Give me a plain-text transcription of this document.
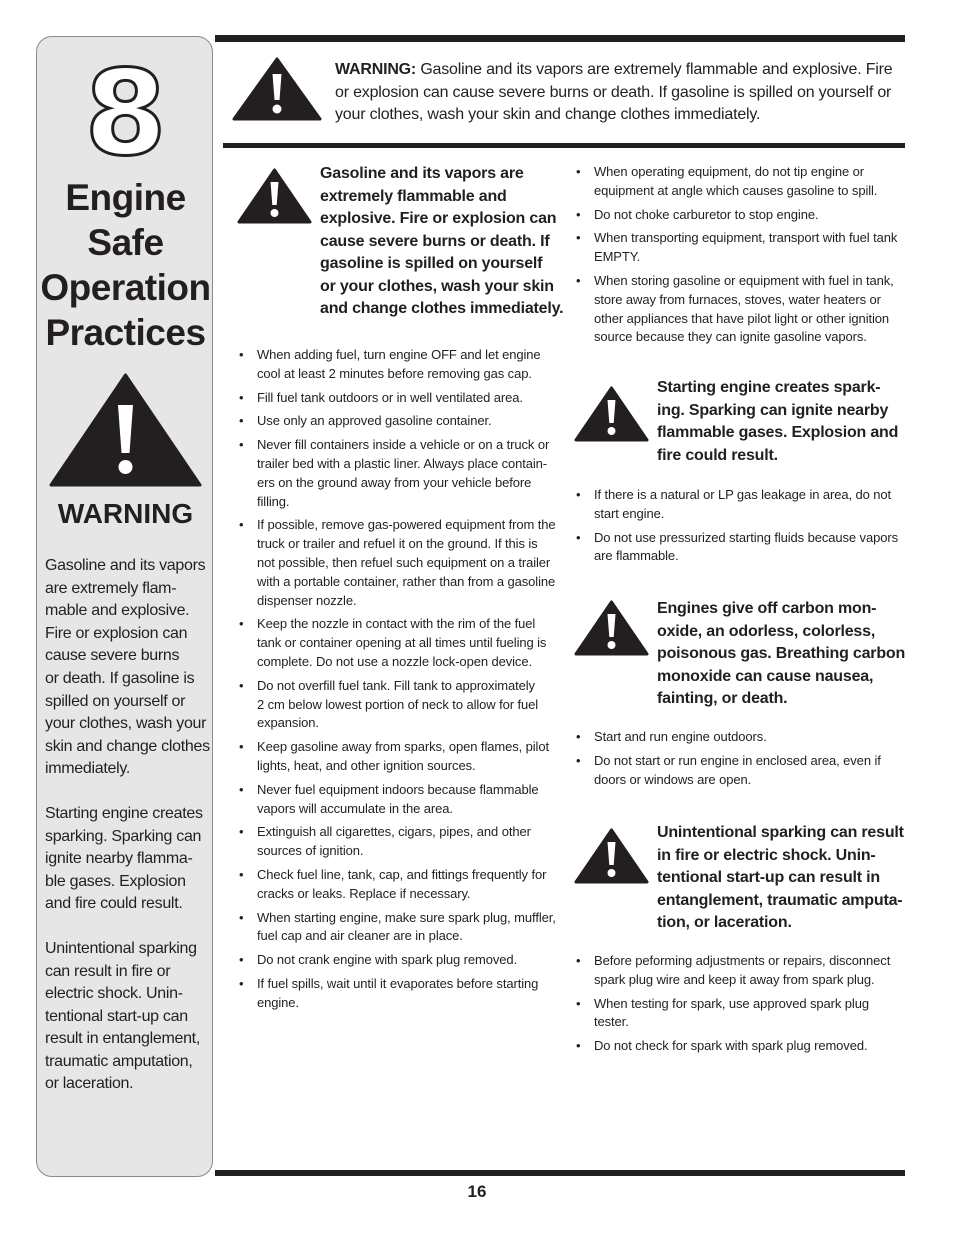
8
Engine
Safe
Operation
Practices
WARNING

Gasoline and its vapors
are extremely flam-
mable and explosive.
Fire or explosion can
cause severe burns
or death. If gasoline is
spilled on yourself or
your clothes, wash your
skin and change clothes
immediately.

Starting engine creates
sparking. Sparking can
ignite nearby flamma-
ble gases. Explosion
and fire could result.

Unintentional sparking
can result in fire or
electric shock. Unin-
tentional start-up can
result in entanglement,
traumatic amputation,
or laceration.

WARNING: Gasoline and its vapors are extremely flammable and explosive. Fire or explosion can cause severe burns or death. If gasoline is spilled on yourself or your clothes, wash your skin and change clothes immediately.
Gasoline and its vapors are
extremely flammable and
explosive. Fire or explosion can
cause severe burns or death. If
gasoline is spilled on yourself
or your clothes, wash your skin
and change clothes immediately.
• When adding fuel, turn engine OFF and let engine
cool at least 2 minutes before removing gas cap.
• Fill fuel tank outdoors or in well ventilated area.
• Use only an approved gasoline container.
• Never fill containers inside a vehicle or on a truck or
trailer bed with a plastic liner. Always place contain-
ers on the ground away from your vehicle before
filling.
• If possible, remove gas-powered equipment from the
truck or trailer and refuel it on the ground. If this is
not possible, then refuel such equipment on a trailer
with a portable container, rather than from a gasoline
dispenser nozzle.
• Keep the nozzle in contact with the rim of the fuel
tank or container opening at all times until fueling is
complete. Do not use a nozzle lock-open device.
• Do not overfill fuel tank. Fill tank to approximately
2 cm below lowest portion of neck to allow for fuel
expansion.
• Keep gasoline away from sparks, open flames, pilot
lights, heat, and other ignition sources.
• Never fuel equipment indoors because flammable
vapors will accumulate in the area.
• Extinguish all cigarettes, cigars, pipes, and other
sources of ignition.
• Check fuel line, tank, cap, and fittings frequently for
cracks or leaks. Replace if necessary.
• When starting engine, make sure spark plug, muffler,
fuel cap and air cleaner are in place.
• Do not crank engine with spark plug removed.
• If fuel spills, wait until it evaporates before starting
engine.
• When operating equipment, do not tip engine or
equipment at angle which causes gasoline to spill.
• Do not choke carburetor to stop engine.
• When transporting equipment, transport with fuel tank
EMPTY.
• When storing gasoline or equipment with fuel in tank,
store away from furnaces, stoves, water heaters or
other appliances that have pilot light or other ignition
source because they can ignite gasoline vapors.
Starting engine creates spark-
ing. Sparking can ignite nearby
flammable gases. Explosion and
fire could result.
• If there is a natural or LP gas leakage in area, do not
start engine.
• Do not use pressurized starting fluids because vapors
are flammable.
Engines give off carbon mon-
oxide, an odorless, colorless,
poisonous gas. Breathing carbon
monoxide can cause nausea,
fainting, or death.
• Start and run engine outdoors.
• Do not start or run engine in enclosed area, even if
doors or windows are open.
Unintentional sparking can result
in fire or electric shock. Unin-
tentional start-up can result in
entanglement, traumatic amputa-
tion, or laceration.
• Before peforming adjustments or repairs, disconnect
spark plug wire and keep it away from spark plug.
• When testing for spark, use approved spark plug
tester.
• Do not check for spark with spark plug removed.
16
